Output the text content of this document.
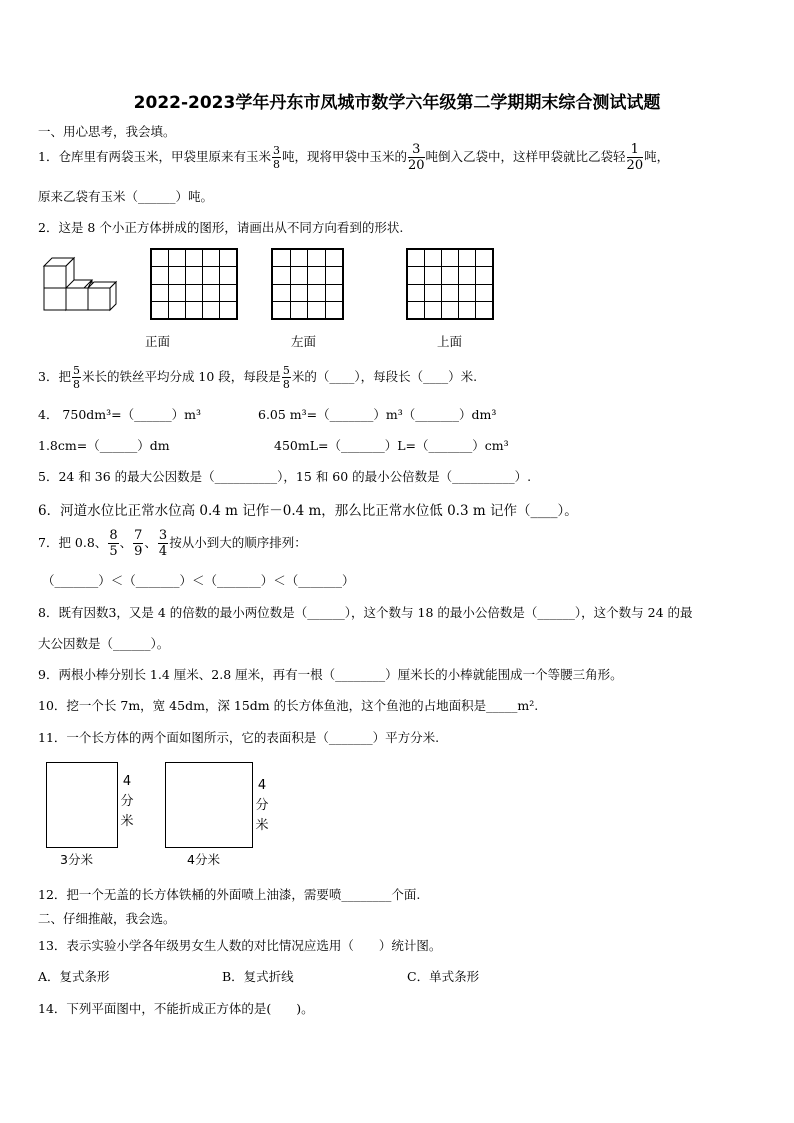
2022-2023学年丹东市凤城市数学六年级第二学期期末综合测试试题
一、用心思考，我会填。
1．仓库里有两袋玉米，甲袋里原来有玉米 $\frac{3}{8}$ 吨，现将甲袋中玉米的 $\frac{3}{20}$ 吨倒入乙袋中，这样甲袋就比乙袋轻 $\frac{1}{20}$ 吨，
原来乙袋有玉米（______）吨。
2．这是 8 个小正方体拼成的图形，请画出从不同方向看到的形状.

正面	左面	上面
3．把 $\frac{5}{8}$ 米长的铁丝平均分成 10 段，每段是 $\frac{5}{8}$ 米的（____），每段长（____）米.
4． 750dm³=（______）m³	6.05 m³=（_______）m³（_______）dm³
1.8cm=（______）dm	450mL=（_______）L=（_______）cm³
5．24 和 36 的最大公因数是（__________），15 和 60 的最小公倍数是（__________）.
6．河道水位比正常水位高 0.4 m 记作－0.4 m，那么比正常水位低 0.3 m 记作（____）。
7．把 0.8、 $\frac{8}{5}$ 、 $\frac{7}{9}$ 、 $\frac{3}{4}$ 按从小到大的顺序排列：
（_______）＜（_______）＜（_______）＜（_______）
8．既有因数3，又是 4 的倍数的最小两位数是（______），这个数与 18 的最小公倍数是（______），这个数与 24 的最
大公因数是（______）。
9．两根小棒分别长 1.4 厘米、2.8 厘米，再有一根（________）厘米长的小棒就能围成一个等腰三角形。
10．挖一个长 7m，宽 45dm，深 15dm 的长方体鱼池，这个鱼池的占地面积是_____m².
11．一个长方体的两个面如图所示，它的表面积是（_______）平方分米.
4
分
米
3分米
4
分
米
4分米
12．把一个无盖的长方体铁桶的外面喷上油漆，需要喷________个面.
二、仔细推敲，我会选。
13．表示实验小学各年级男女生人数的对比情况应选用（　　）统计图。
A．复式条形	B．复式折线	C．单式条形
14．下列平面图中，不能折成正方体的是(　　)。
